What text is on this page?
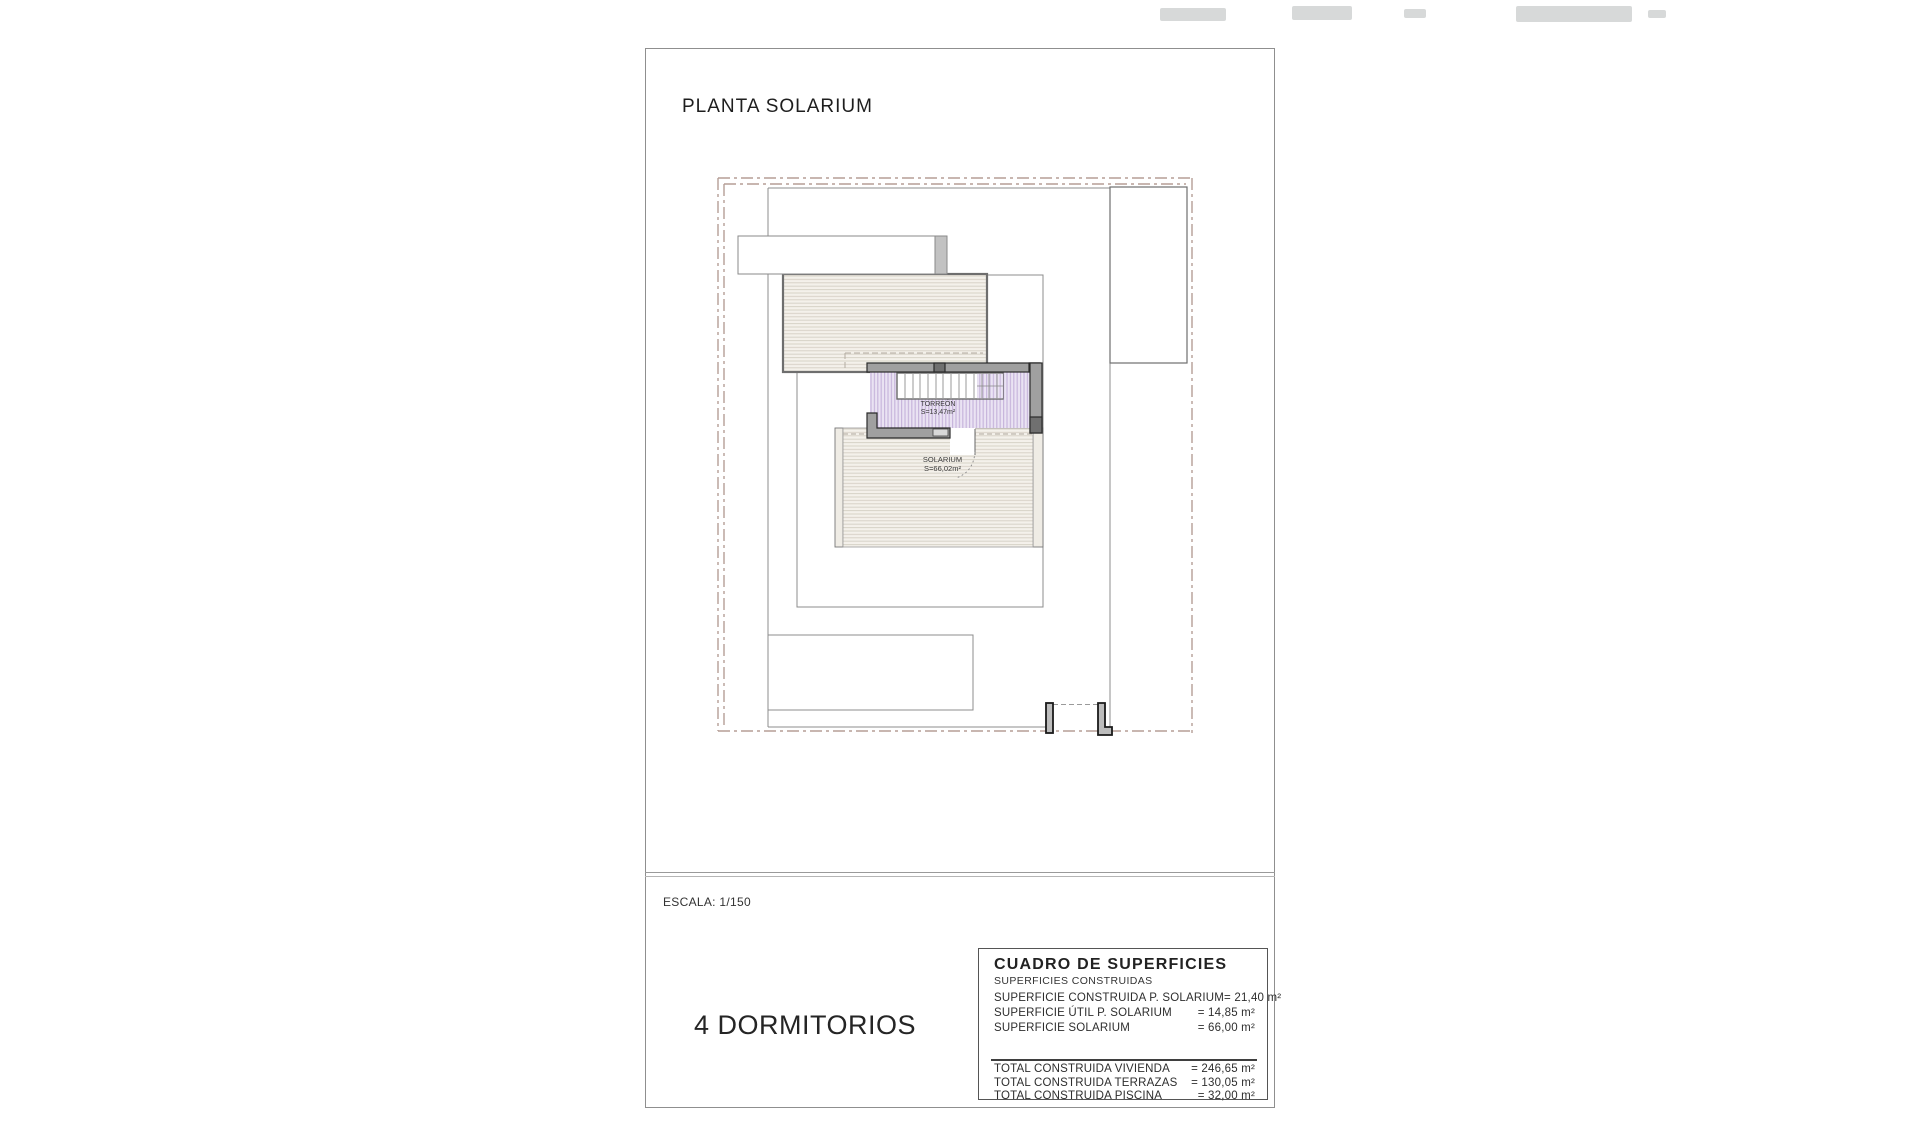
PLANTA SOLARIUM
TORREÓN
S=13,47m²
SOLARIUM
S=66,02m²
ESCALA: 1/150
4 DORMITORIOS
CUADRO DE SUPERFICIES
SUPERFICIES CONSTRUIDAS
SUPERFICIE CONSTRUIDA P. SOLARIUM = 21,40 m²
SUPERFICIE ÚTIL P. SOLARIUM = 14,85 m²
SUPERFICIE SOLARIUM	= 66,00 m²
TOTAL CONSTRUIDA VIVIENDA = 246,65 m²
TOTAL CONSTRUIDA TERRAZAS = 130,05 m²
TOTAL CONSTRUIDA PISCINA	= 32,00 m²
